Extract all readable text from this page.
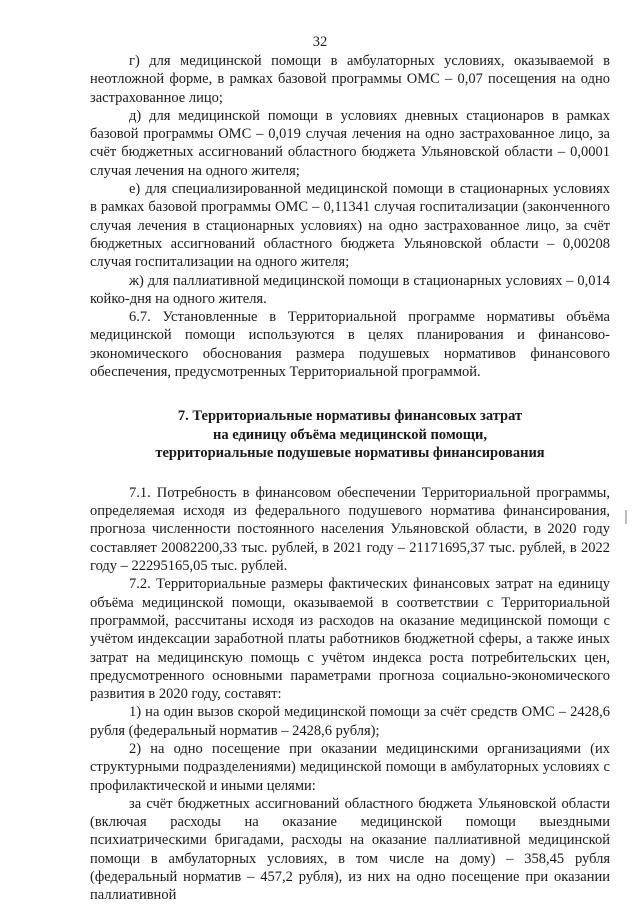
32

г) для медицинской помощи в амбулаторных условиях, оказываемой в неотложной форме, в рамках базовой программы ОМС – 0,07 посещения на одно застрахованное лицо;

д) для медицинской помощи в условиях дневных стационаров в рамках базовой программы ОМС – 0,019 случая лечения на одно застрахованное лицо, за счёт бюджетных ассигнований областного бюджета Ульяновской области – 0,0001 случая лечения на одного жителя;

е) для специализированной медицинской помощи в стационарных условиях в рамках базовой программы ОМС – 0,11341 случая госпитализации (законченного случая лечения в стационарных условиях) на одно застрахованное лицо, за счёт бюджетных ассигнований областного бюджета Ульяновской области – 0,00208 случая госпитализации на одного жителя;

ж) для паллиативной медицинской помощи в стационарных условиях – 0,014 койко-дня на одного жителя.

6.7. Установленные в Территориальной программе нормативы объёма медицинской помощи используются в целях планирования и финансово-экономического обоснования размера подушевых нормативов финансового обеспечения, предусмотренных Территориальной программой.

7. Территориальные нормативы финансовых затрат
на единицу объёма медицинской помощи,
территориальные подушевые нормативы финансирования

7.1. Потребность в финансовом обеспечении Территориальной программы, определяемая исходя из федерального подушевого норматива финансирования, прогноза численности постоянного населения Ульяновской области, в 2020 году составляет 20082200,33 тыс. рублей, в 2021 году – 21171695,37 тыс. рублей, в 2022 году – 22295165,05 тыс. рублей.

7.2. Территориальные размеры фактических финансовых затрат на единицу объёма медицинской помощи, оказываемой в соответствии с Территориальной программой, рассчитаны исходя из расходов на оказание медицинской помощи с учётом индексации заработной платы работников бюджетной сферы, а также иных затрат на медицинскую помощь с учётом индекса роста потребительских цен, предусмотренного основными параметрами прогноза социально-экономического развития в 2020 году, составят:

1) на один вызов скорой медицинской помощи за счёт средств ОМС – 2428,6 рубля (федеральный норматив – 2428,6 рубля);

2) на одно посещение при оказании медицинскими организациями (их структурными подразделениями) медицинской помощи в амбулаторных условиях с профилактической и иными целями:

за счёт бюджетных ассигнований областного бюджета Ульяновской области (включая расходы на оказание медицинской помощи выездными психиатрическими бригадами, расходы на оказание паллиативной медицинской помощи в амбулаторных условиях, в том числе на дому) – 358,45 рубля (федеральный норматив – 457,2 рубля), из них на одно посещение при оказании паллиативной
